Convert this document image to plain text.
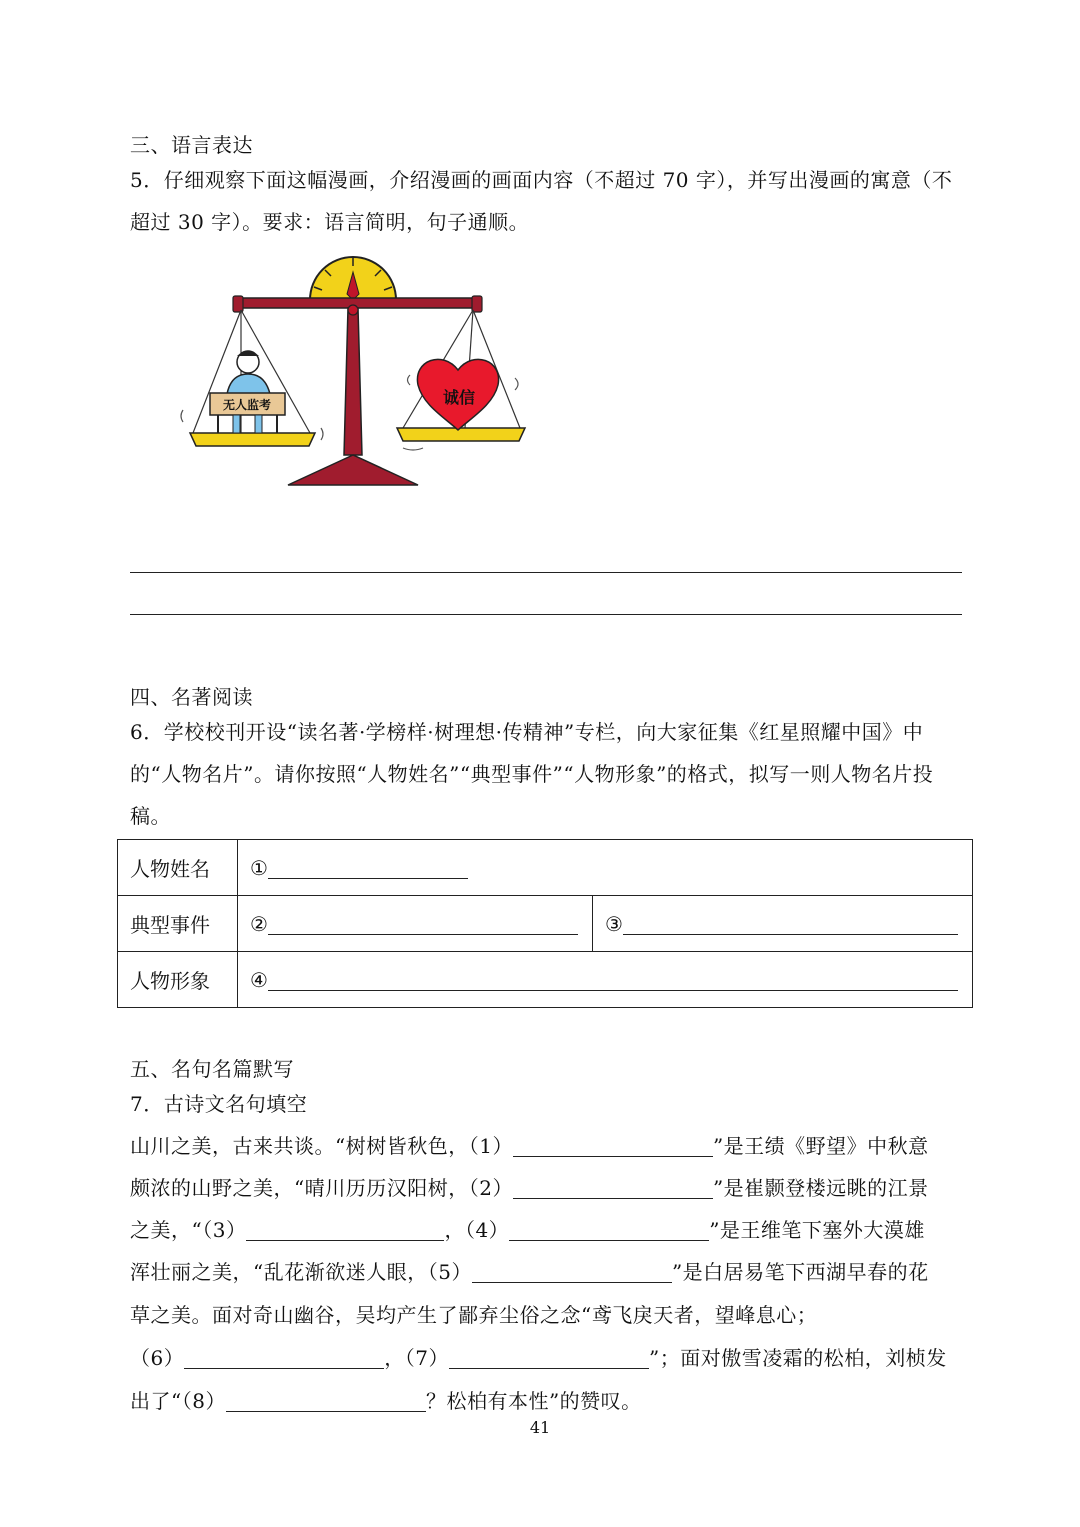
三、语言表达
5．仔细观察下面这幅漫画，介绍漫画的画面内容（不超过 70 字），并写出漫画的寓意（不
超过 30 字）。要求：语言简明，句子通顺。
无人监考	诚信
四、名著阅读
6．学校校刊开设“读名著·学榜样·树理想·传精神”专栏，向大家征集《红星照耀中国》中
的“人物名片”。请你按照“人物姓名”“典型事件”“人物形象”的格式，拟写一则人物名片投
稿。
人物姓名	①	
典型事件	②	③
人物形象	④	
五、名句名篇默写
7．古诗文名句填空
山川之美，古来共谈。“树树皆秋色，（1）	”是王绩《野望》中秋意
颇浓的山野之美，“晴川历历汉阳树，（2）	”是崔颢登楼远眺的江景
之美，“（3）	，（4）	”是王维笔下塞外大漠雄
浑壮丽之美，“乱花渐欲迷人眼，（5）	”是白居易笔下西湖早春的花
草之美。面对奇山幽谷，吴均产生了鄙弃尘俗之念“鸢飞戾天者，望峰息心；
（6）	，（7）	”；面对傲雪凌霜的松柏，刘桢发
出了“（8）	？松柏有本性”的赞叹。
41
